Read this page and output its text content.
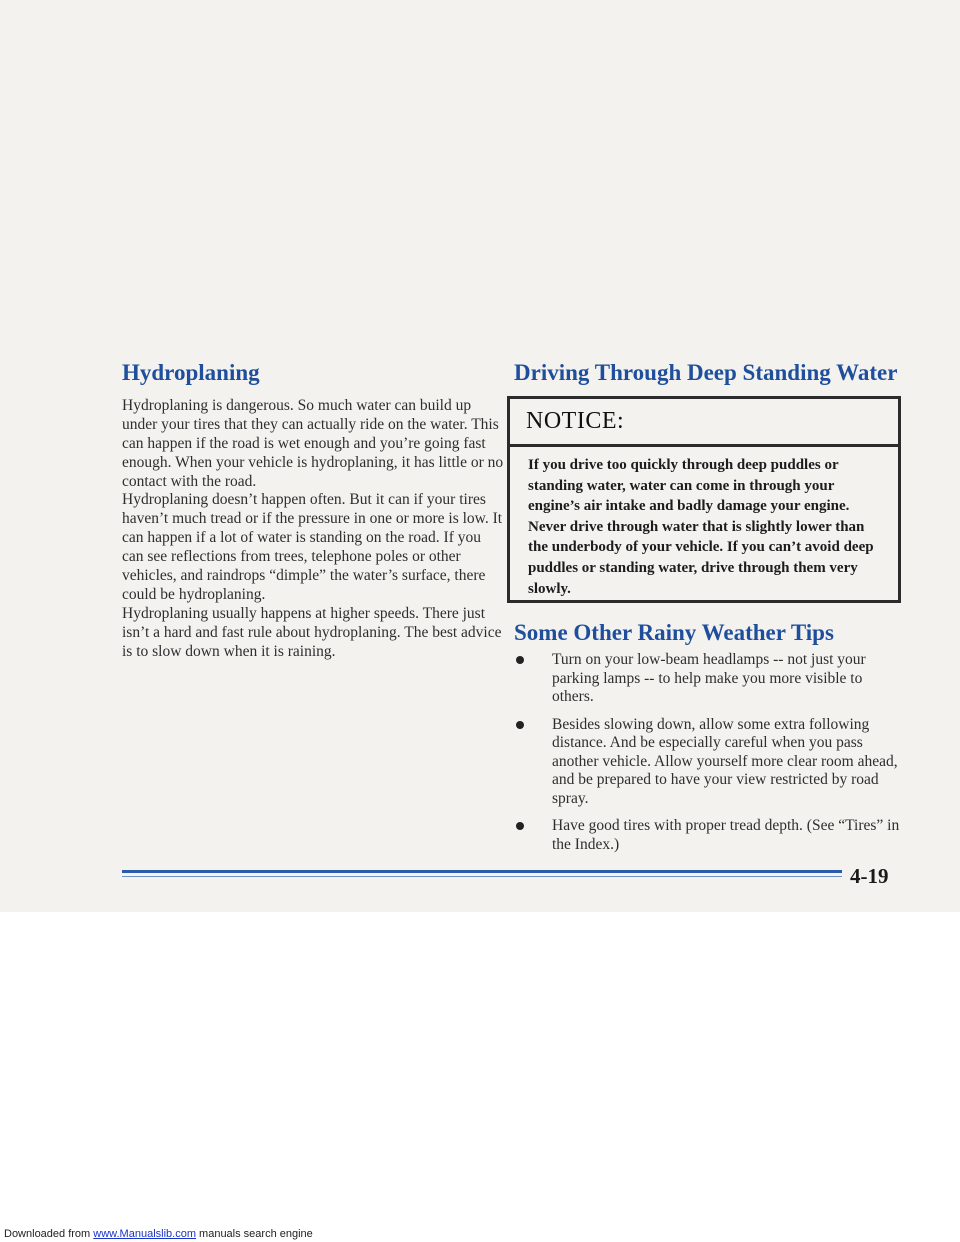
Hydroplaning

Hydroplaning is dangerous. So much water can build up under your tires that they can actually ride on the water. This can happen if the road is wet enough and you’re going fast enough. When your vehicle is hydroplaning, it has little or no contact with the road.

Hydroplaning doesn’t happen often. But it can if your tires haven’t much tread or if the pressure in one or more is low. It can happen if a lot of water is standing on the road. If you can see reflections from trees, telephone poles or other vehicles, and raindrops “dimple” the water’s surface, there could be hydroplaning.

Hydroplaning usually happens at higher speeds. There just isn’t a hard and fast rule about hydroplaning. The best advice is to slow down when it is raining.

Driving Through Deep Standing Water
NOTICE:
If you drive too quickly through deep puddles or standing water, water can come in through your engine’s air intake and badly damage your engine. Never drive through water that is slightly lower than the underbody of your vehicle. If you can’t avoid deep puddles or standing water, drive through them very slowly.
Some Other Rainy Weather Tips
Turn on your low-beam headlamps -- not just your parking lamps -- to help make you more visible to others.
Besides slowing down, allow some extra following distance. And be especially careful when you pass another vehicle. Allow yourself more clear room ahead, and be prepared to have your view restricted by road spray.
Have good tires with proper tread depth. (See “Tires” in the Index.)
4-19
Downloaded from www.Manualslib.com manuals search engine
